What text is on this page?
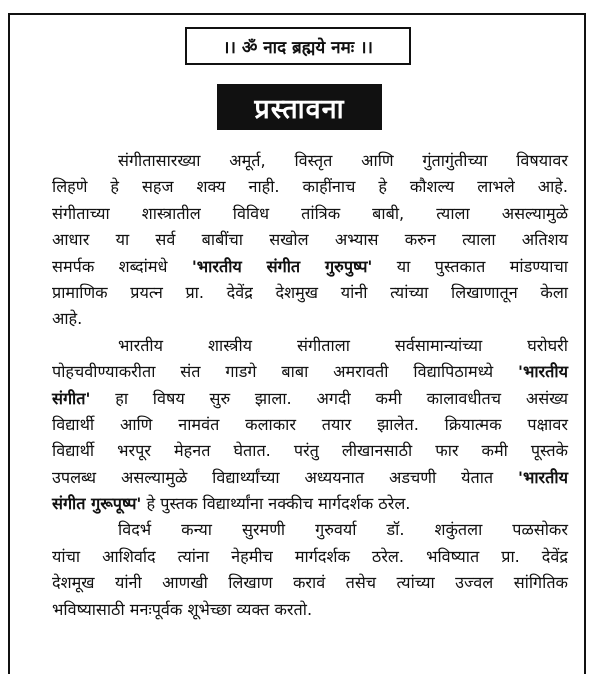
।। ॐ नाद ब्रह्मये नमः ।।
प्रस्तावना
संगीतासारख्या अमूर्त, विस्तृत आणि गुंतागुंतीच्या विषयावर
लिहणे हे सहज शक्य नाही. काहींनाच हे कौशल्य लाभले आहे.
संगीताच्या शास्त्रातील विविध तांत्रिक बाबी, त्याला असल्यामुळे
आधार या सर्व बाबींचा सखोल अभ्यास करुन त्याला अतिशय
समर्पक शब्दांमधे 'भारतीय संगीत गुरुपुष्प' या पुस्तकात मांडण्याचा
प्रामाणिक प्रयत्न प्रा. देवेंद्र देशमुख यांनी त्यांच्या लिखाणातून केला
आहे.
भारतीय शास्त्रीय संगीताला सर्वसामान्यांच्या घरोघरी
पोहचवीण्याकरीता संत गाडगे बाबा अमरावती विद्यापिठामध्ये 'भारतीय
संगीत' हा विषय सुरु झाला. अगदी कमी कालावधीतच असंख्य
विद्यार्थी आणि नामवंत कलाकार तयार झालेत. क्रियात्मक पक्षावर
विद्यार्थी भरपूर मेहनत घेतात. परंतु लीखानसाठी फार कमी पूस्तके
उपलब्ध असल्यामुळे विद्यार्थ्यांच्या अध्ययनात अडचणी येतात 'भारतीय
संगीत गुरूपूष्प' हे पुस्तक विद्यार्थ्यांना नक्कीच मार्गदर्शक ठरेल.
विदर्भ कन्या सुरमणी गुरुवर्या डॉ. शकुंतला पळसोकर
यांचा आशिर्वाद त्यांना नेहमीच मार्गदर्शक ठरेल. भविष्यात प्रा. देवेंद्र
देशमूख यांनी आणखी लिखाण करावं तसेच त्यांच्या उज्वल सांगितिक
भविष्यासाठी मनःपूर्वक शूभेच्छा व्यक्त करतो.
